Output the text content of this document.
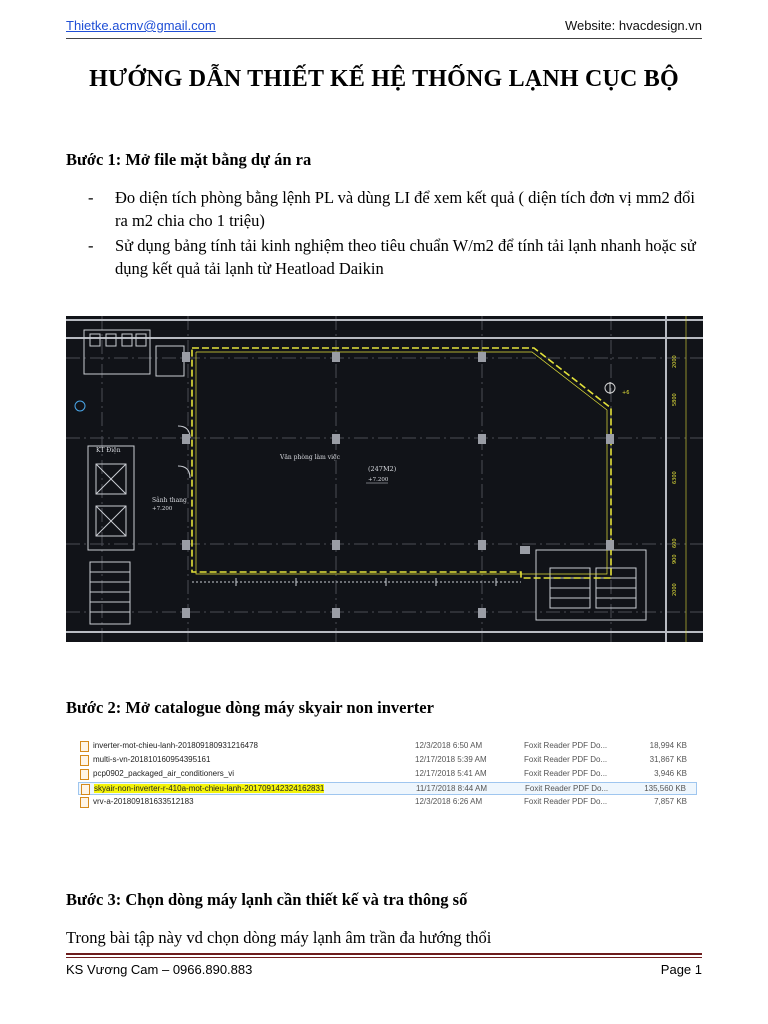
Thietke.acmv@gmail.com	Website: hvacdesign.vn
HƯỚNG DẪN THIẾT KẾ HỆ THỐNG LẠNH CỤC BỘ
Bước 1: Mở file mặt bằng dự án ra
- Đo diện tích phòng bằng lệnh PL và dùng LI để xem kết quả ( diện tích đơn vị mm2 đổi ra m2 chia cho 1 triệu)
- Sử dụng bảng tính tải kinh nghiệm theo tiêu chuẩn W/m2 để tính tải lạnh nhanh hoặc sử dụng kết quả tải lạnh từ Heatload Daikin
+6
Văn phòng làm việc
(247M2)
+7.200
KT Điện
Sảnh thang
+7.200
2000
5800
6300
600
900
2000
Bước 2: Mở catalogue dòng máy skyair non inverter
inverter-mot-chieu-lanh-201809180931216478	12/3/2018 6:50 AM	Foxit Reader PDF Do...	18,994 KB
multi-s-vn-201810160954395161	12/17/2018 5:39 AM	Foxit Reader PDF Do...	31,867 KB
pcp0902_packaged_air_conditioners_vi	12/17/2018 5:41 AM	Foxit Reader PDF Do...	3,946 KB
skyair-non-inverter-r-410a-mot-chieu-lanh-201709142324162831	11/17/2018 8:44 AM	Foxit Reader PDF Do...	135,560 KB
vrv-a-201809181633512183	12/3/2018 6:26 AM	Foxit Reader PDF Do...	7,857 KB
Bước 3: Chọn dòng máy lạnh cần thiết kế và tra thông số
Trong bài tập này vd chọn dòng máy lạnh âm trần đa hướng thổi
KS Vương Cam – 0966.890.883	Page 1
